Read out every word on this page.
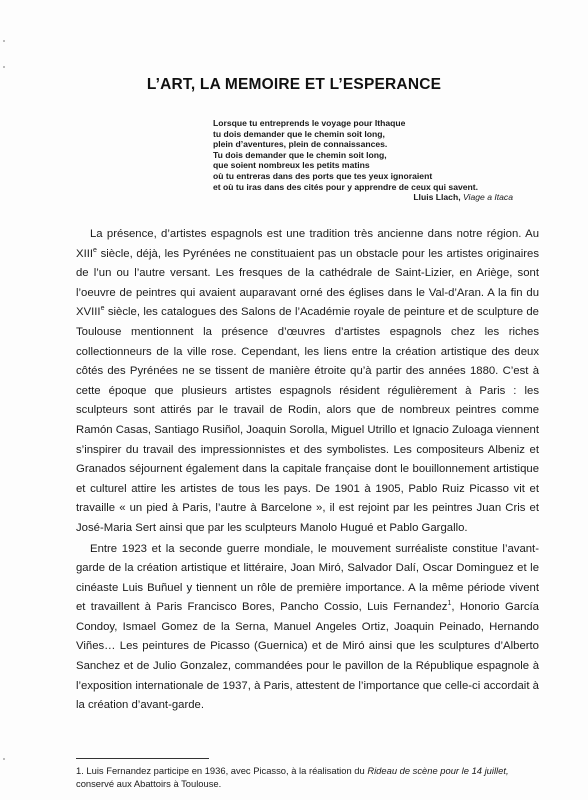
L’ART, LA MEMOIRE ET L’ESPERANCE
Lorsque tu entreprends le voyage pour Ithaque
tu dois demander que le chemin soit long,
plein d’aventures, plein de connaissances.
Tu dois demander que le chemin soit long,
que soient nombreux les petits matins
où tu entreras dans des ports que tes yeux ignoraient
et où tu iras dans des cités pour y apprendre de ceux qui savent.
Lluis Llach, Viage a Itaca

La présence, d’artistes espagnols est une tradition très ancienne dans notre région. Au XIIIe siècle, déjà, les Pyrénées ne constituaient pas un obstacle pour les artistes originaires de l’un ou l’autre versant. Les fresques de la cathédrale de Saint-Lizier, en Ariège, sont l’oeuvre de peintres qui avaient auparavant orné des églises dans le Val-d’Aran. A la fin du XVIIIe siècle, les catalogues des Salons de l’Académie royale de peinture et de sculpture de Toulouse mentionnent la présence d’œuvres d’artistes espagnols chez les riches collectionneurs de la ville rose. Cependant, les liens entre la création artistique des deux côtés des Pyrénées ne se tissent de manière étroite qu’à partir des années 1880. C’est à cette époque que plusieurs artistes espagnols résident régulièrement à Paris : les sculpteurs sont attirés par le travail de Rodin, alors que de nombreux peintres comme Ramón Casas, Santiago Rusiñol, Joaquin Sorolla, Miguel Utrillo et Ignacio Zuloaga viennent s’inspirer du travail des impressionnistes et des symbolistes. Les compositeurs Albeniz et Granados séjournent également dans la capitale française dont le bouillonnement artistique et culturel attire les artistes de tous les pays. De 1901 à 1905, Pablo Ruiz Picasso vit et travaille « un pied à Paris, l’autre à Barcelone », il est rejoint par les peintres Juan Cris et José-Maria Sert ainsi que par les sculpteurs Manolo Hugué et Pablo Gargallo.

Entre 1923 et la seconde guerre mondiale, le mouvement surréaliste constitue l’avant-garde de la création artistique et littéraire, Joan Miró, Salvador Dalí, Oscar Dominguez et le cinéaste Luis Buñuel y tiennent un rôle de première importance. A la même période vivent et travaillent à Paris Francisco Bores, Pancho Cossio, Luis Fernandez$^1$, Honorio García Condoy, Ismael Gomez de la Serna, Manuel Angeles Ortiz, Joaquin Peinado, Hernando Viñes… Les peintures de Picasso (Guernica) et de Miró ainsi que les sculptures d’Alberto Sanchez et de Julio Gonzalez, commandées pour le pavillon de la République espagnole à l’exposition internationale de 1937, à Paris, attestent de l’importance que celle-ci accordait à la création d’avant-garde.

1. Luis Fernandez participe en 1936, avec Picasso, à la réalisation du Rideau de scène pour le 14 juillet, conservé aux Abattoirs à Toulouse.
